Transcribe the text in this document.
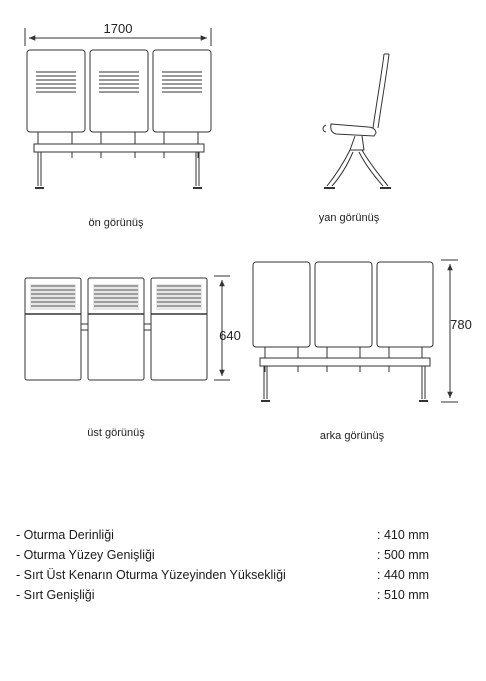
1700
ön görünüş	yan görünüş
640
üst görünüş
780
arka görünüş
- Oturma Derinliği	: 410 mm
- Oturma Yüzey Genişliği	: 500 mm
- Sırt Üst Kenarın Oturma Yüzeyinden Yüksekliği	: 440 mm
- Sırt Genişliği	: 510 mm
